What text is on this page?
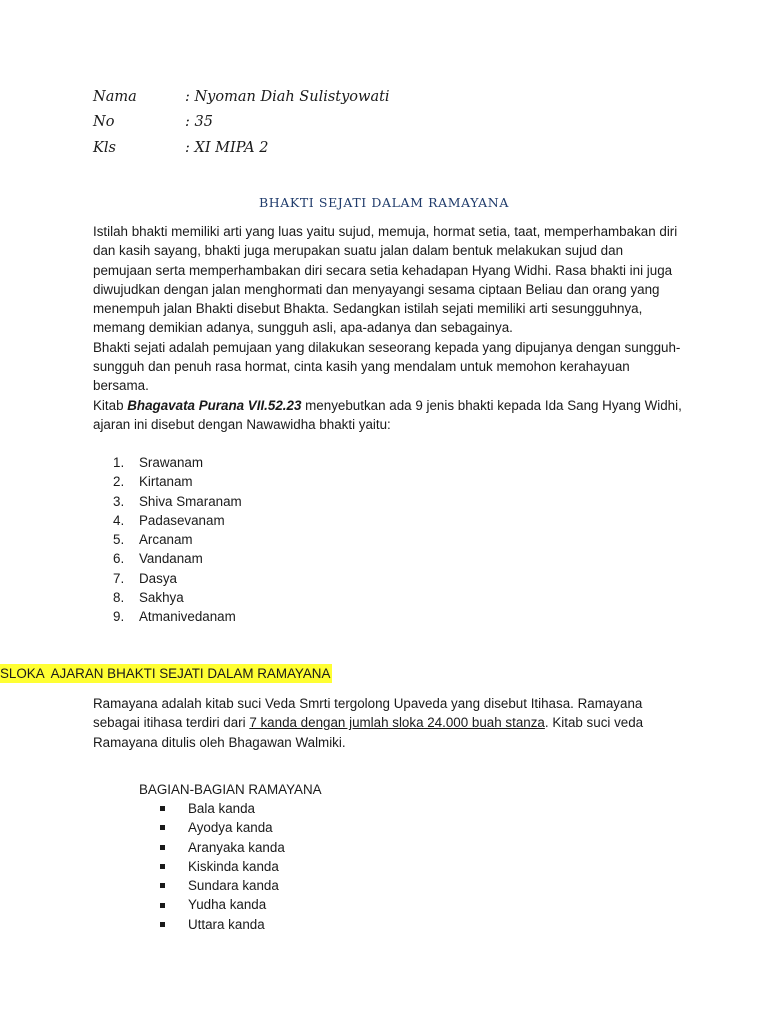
Nama	: Nyoman Diah Sulistyowati
No	: 35
Kls	: XI MIPA 2
BHAKTI SEJATI DALAM RAMAYANA

Istilah bhakti memiliki arti yang luas yaitu sujud, memuja, hormat setia, taat, memperhambakan diri dan kasih sayang, bhakti juga merupakan suatu jalan dalam bentuk melakukan sujud dan pemujaan serta memperhambakan diri secara setia kehadapan Hyang Widhi. Rasa bhakti ini juga diwujudkan dengan jalan menghormati dan menyayangi sesama ciptaan Beliau dan orang yang menempuh jalan Bhakti disebut Bhakta. Sedangkan istilah sejati memiliki arti sesungguhnya, memang demikian adanya, sungguh asli, apa-adanya dan sebagainya.

Bhakti sejati adalah pemujaan yang dilakukan seseorang kepada yang dipujanya dengan sungguh-sungguh dan penuh rasa hormat, cinta kasih yang mendalam untuk memohon kerahayuan bersama.

Kitab Bhagavata Purana VII.52.23 menyebutkan ada 9 jenis bhakti kepada Ida Sang Hyang Widhi, ajaran ini disebut dengan Nawawidha bhakti yaitu:

1.	Srawanam
2.	Kirtanam
3.	Shiva Smaranam
4.	Padasevanam
5.	Arcanam
6.	Vandanam
7.	Dasya
8.	Sakhya
9.	Atmanivedanam
SLOKA  AJARAN BHAKTI SEJATI DALAM RAMAYANA

Ramayana adalah kitab suci Veda Smrti tergolong Upaveda yang disebut Itihasa. Ramayana sebagai itihasa terdiri dari 7 kanda dengan jumlah sloka 24.000 buah stanza. Kitab suci veda Ramayana ditulis oleh Bhagawan Walmiki.

BAGIAN-BAGIAN RAMAYANA
Bala kanda
Ayodya kanda
Aranyaka kanda
Kiskinda kanda
Sundara kanda
Yudha kanda
Uttara kanda
